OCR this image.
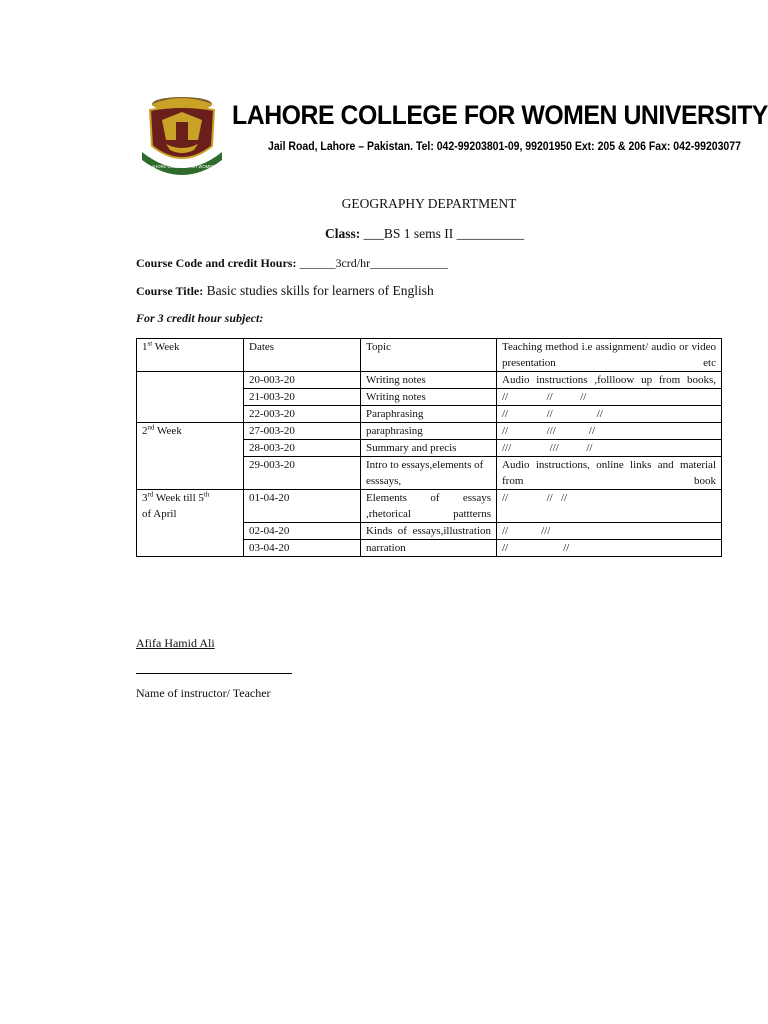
LAHORE COLLEGE FOR WOMEN
LAHORE COLLEGE FOR WOMEN UNIVERSITY
Jail Road, Lahore – Pakistan. Tel: 042-99203801-09, 99201950 Ext: 205 & 206 Fax: 042-99203077
GEOGRAPHY DEPARTMENT
Class: ___BS 1 sems II __________
Course Code and credit Hours: ______3crd/hr_____________
Course Title: Basic studies skills for learners of English
For 3 credit hour subject:
1st Week	Dates	Topic	Teaching method i.e assignment/ audio or video presentation etc
	20-003-20	Writing notes	Audio instructions ,follloow up from books,
	21-003-20	Writing notes	//              //          //
	22-003-20	Paraphrasing	//              //                //
2nd Week	27-003-20	paraphrasing	//              ///            //
	28-003-20	Summary and precis	///              ///          //
	29-003-20	Intro to essays,elements of esssays,	Audio instructions, online links and material from book
3rd Week till 5th
of April	01-04-20	Elements of essays ,rhetorical pattterns	//              //   //
	02-04-20	Kinds of essays,illustration	//            ///
	03-04-20	narration	//                    //
Afifa Hamid Ali
Name of instructor/ Teacher
